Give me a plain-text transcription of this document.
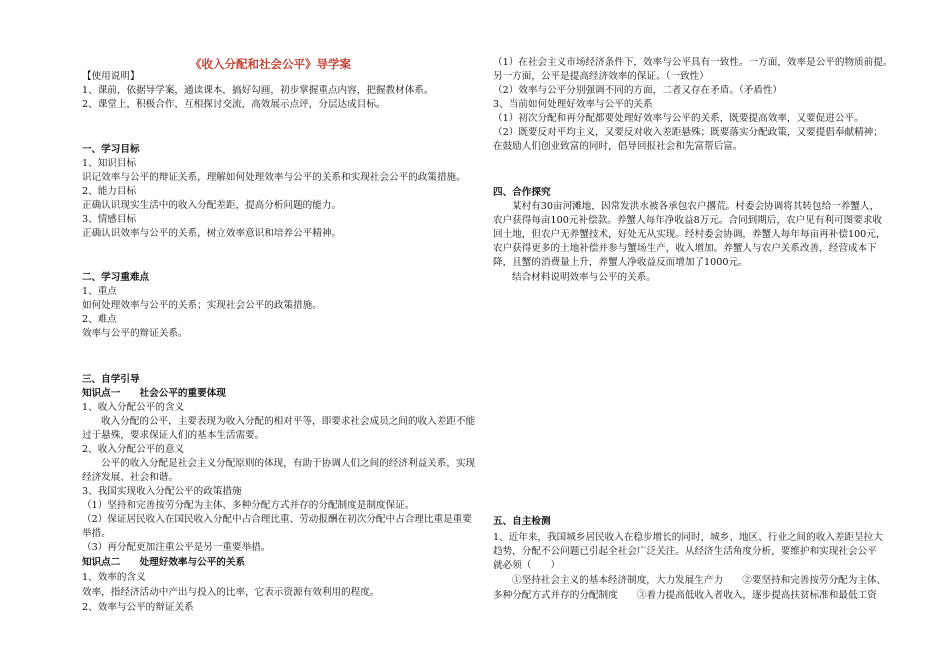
《收入分配和社会公平》导学案
【使用说明】
1、课前，依据导学案，通读课本，搞好勾画，初步掌握重点内容，把握教材体系。
2、课堂上，积极合作，互相探讨交流，高效展示点评，分层达成目标。
一、学习目标
1、知识目标
识记效率与公平的辩证关系，理解如何处理效率与公平的关系和实现社会公平的政策措施。
2、能力目标
正确认识现实生活中的收入分配差距，提高分析问题的能力。
3、情感目标
正确认识效率与公平的关系，树立效率意识和培养公平精神。
二、学习重难点
1、重点
如何处理效率与公平的关系；实现社会公平的政策措施。
2、难点
效率与公平的辩证关系。
三、自学引导
知识点一　　社会公平的重要体现
1、收入分配公平的含义
收入分配的公平，主要表现为收入分配的相对平等，即要求社会成员之间的收入差距不能
过于悬殊，要求保证人们的基本生活需要。
2、收入分配公平的意义
公平的收入分配是社会主义分配原则的体现，有助于协调人们之间的经济利益关系，实现
经济发展、社会和谐。
3、我国实现收入分配公平的政策措施
（1）坚持和完善按劳分配为主体、多种分配方式并存的分配制度是制度保证。
（2）保证居民收入在国民收入分配中占合理比重、劳动报酬在初次分配中占合理比重是重要
举措。
（3）再分配更加注重公平是另一重要举措。
知识点二　　处理好效率与公平的关系
1、效率的含义
效率，指经济活动中产出与投入的比率，它表示资源有效利用的程度。
2、效率与公平的辩证关系
（1）在社会主义市场经济条件下，效率与公平具有一致性。一方面，效率是公平的物质前提。
另一方面，公平是提高经济效率的保证。（一致性）
（2）效率与公平分别强调不同的方面，二者又存在矛盾。（矛盾性）
3、当前如何处理好效率与公平的关系
（1）初次分配和再分配都要处理好效率与公平的关系，既要提高效率，又要促进公平。
（2）既要反对平均主义，又要反对收入差距悬殊；既要落实分配政策，又要提倡奉献精神；
在鼓励人们创业致富的同时，倡导回报社会和先富帮后富。
四、合作探究
某村有30亩河滩地，因常发洪水被各承包农户撂荒。村委会协调将其转包给一养蟹人，
农户获得每亩100元补偿款。养蟹人每年净收益8万元。合同到期后，农户见有利可图要求收
回土地，但农户无养蟹技术，好处无从实现。经村委会协调，养蟹人每年每亩再补偿100元，
农户获得更多的土地补偿并参与蟹场生产，收入增加。养蟹人与农户关系改善，经营成本下
降，且蟹的消费量上升，养蟹人净收益反而增加了1000元。
结合材料说明效率与公平的关系。
五、自主检测
1、近年来，我国城乡居民收入在稳步增长的同时，城乡、地区、行业之间的收入差距呈拉大
趋势，分配不公问题已引起全社会广泛关注。从经济生活角度分析，要维护和实现社会公平
就必须（　　）
①坚持社会主义的基本经济制度，大力发展生产力　　②要坚持和完善按劳分配为主体、
多种分配方式并存的分配制度　　③着力提高低收入者收入，逐步提高扶贫标准和最低工资
